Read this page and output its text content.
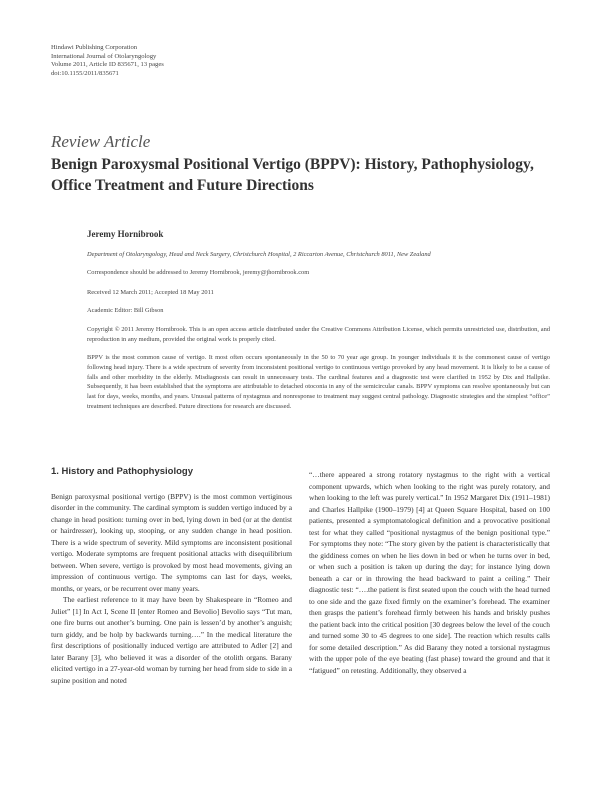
Hindawi Publishing Corporation
International Journal of Otolaryngology
Volume 2011, Article ID 835671, 13 pages
doi:10.1155/2011/835671
Review Article
Benign Paroxysmal Positional Vertigo (BPPV): History, Pathophysiology, Office Treatment and Future Directions
Jeremy Hornibrook
Department of Otolaryngology, Head and Neck Surgery, Christchurch Hospital, 2 Riccarton Avenue, Christchurch 8011, New Zealand
Correspondence should be addressed to Jeremy Hornibrook, jeremy@jhornibrook.com
Received 12 March 2011; Accepted 18 May 2011
Academic Editor: Bill Gibson
Copyright © 2011 Jeremy Hornibrook. This is an open access article distributed under the Creative Commons Attribution License, which permits unrestricted use, distribution, and reproduction in any medium, provided the original work is properly cited.
BPPV is the most common cause of vertigo. It most often occurs spontaneously in the 50 to 70 year age group. In younger individuals it is the commonest cause of vertigo following head injury. There is a wide spectrum of severity from inconsistent positional vertigo to continuous vertigo provoked by any head movement. It is likely to be a cause of falls and other morbidity in the elderly. Misdiagnosis can result in unnecessary tests. The cardinal features and a diagnostic test were clarified in 1952 by Dix and Hallpike. Subsequently, it has been established that the symptoms are attributable to detached otoconia in any of the semicircular canals. BPPV symptoms can resolve spontaneously but can last for days, weeks, months, and years. Unusual patterns of nystagmus and nonresponse to treatment may suggest central pathology. Diagnostic strategies and the simplest “office” treatment techniques are described. Future directions for research are discussed.
1. History and Pathophysiology

Benign paroxysmal positional vertigo (BPPV) is the most common vertiginous disorder in the community. The cardinal symptom is sudden vertigo induced by a change in head position: turning over in bed, lying down in bed (or at the dentist or hairdresser), looking up, stooping, or any sudden change in head position. There is a wide spectrum of severity. Mild symptoms are inconsistent positional vertigo. Moderate symptoms are frequent positional attacks with disequilibrium between. When severe, vertigo is provoked by most head movements, giving an impression of continuous vertigo. The symptoms can last for days, weeks, months, or years, or be recurrent over many years.

The earliest reference to it may have been by Shakespeare in “Romeo and Juliet” [1] In Act I, Scene II [enter Romeo and Bevolio] Bevolio says “Tut man, one fire burns out another’s burning. One pain is lessen’d by another’s anguish; turn giddy, and be holp by backwards turning….” In the medical literature the first descriptions of positionally induced vertigo are attributed to Adler [2] and later Barany [3], who believed it was a disorder of the otolith organs. Barany elicited vertigo in a 27-year-old woman by turning her head from side to side in a supine position and noted

“…there appeared a strong rotatory nystagmus to the right with a vertical component upwards, which when looking to the right was purely rotatory, and when looking to the left was purely vertical.” In 1952 Margaret Dix (1911–1981) and Charles Hallpike (1900–1979) [4] at Queen Square Hospital, based on 100 patients, presented a symptomatological definition and a provocative positional test for what they called “positional nystagmus of the benign positional type.” For symptoms they note: “The story given by the patient is characteristically that the giddiness comes on when he lies down in bed or when he turns over in bed, or when such a position is taken up during the day; for instance lying down beneath a car or in throwing the head backward to paint a ceiling.” Their diagnostic test: “….the patient is first seated upon the couch with the head turned to one side and the gaze fixed firmly on the examiner’s forehead. The examiner then grasps the patient’s forehead firmly between his hands and briskly pushes the patient back into the critical position [30 degrees below the level of the couch and turned some 30 to 45 degrees to one side]. The reaction which results calls for some detailed description.” As did Barany they noted a torsional nystagmus with the upper pole of the eye beating (fast phase) toward the ground and that it “fatigued” on retesting. Additionally, they observed a
